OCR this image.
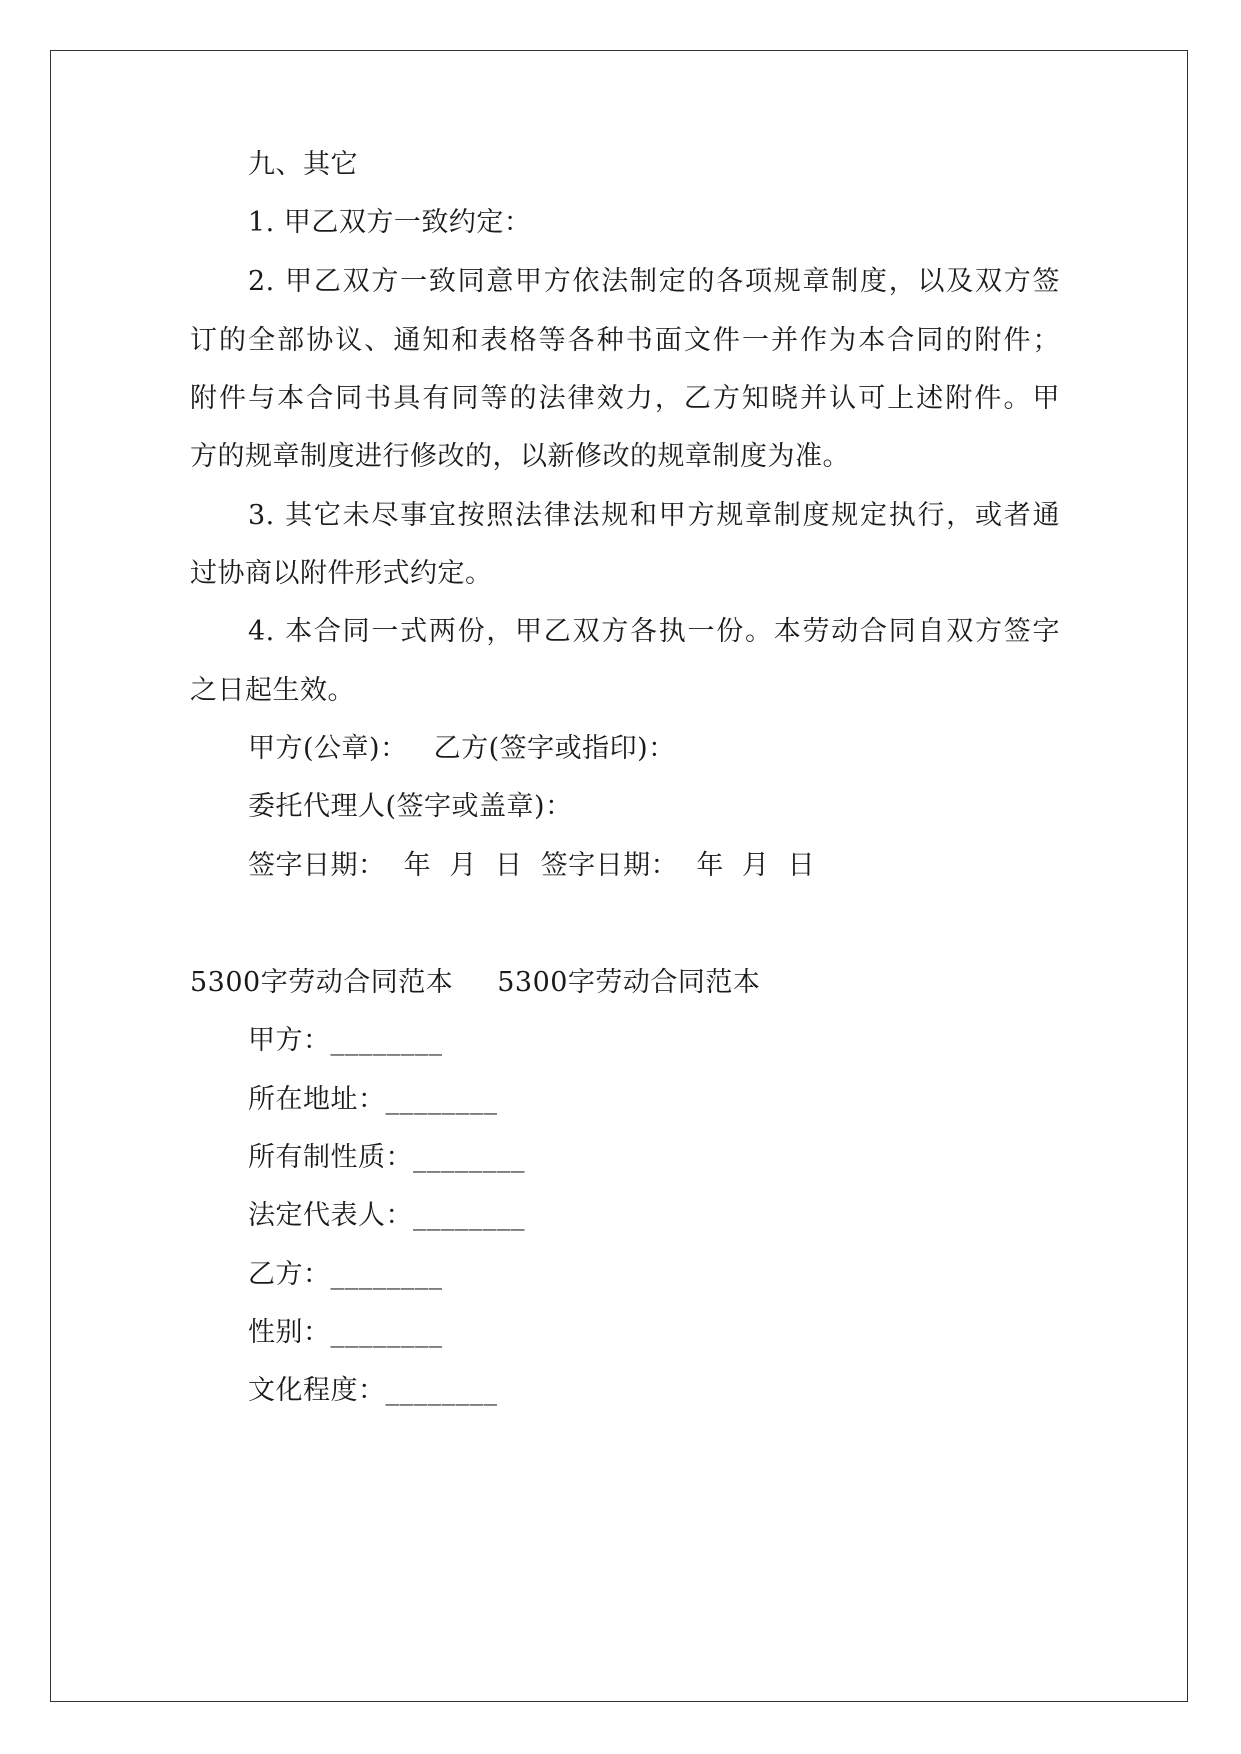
九、其它
1. 甲乙双方一致约定：
2. 甲乙双方一致同意甲方依法制定的各项规章制度，以及双方签
订的全部协议、通知和表格等各种书面文件一并作为本合同的附件；
附件与本合同书具有同等的法律效力，乙方知晓并认可上述附件。甲
方的规章制度进行修改的，以新修改的规章制度为准。
3. 其它未尽事宜按照法律法规和甲方规章制度规定执行，或者通
过协商以附件形式约定。
4. 本合同一式两份，甲乙双方各执一份。本劳动合同自双方签字
之日起生效。
甲方(公章)： 乙方(签字或指印)：
委托代理人(签字或盖章)：
签字日期：  年  月  日  签字日期：  年  月  日
5300字劳动合同范本 5300字劳动合同范本
甲方：________
所在地址：________
所有制性质：________
法定代表人：________
乙方：________
性别：________
文化程度：________
